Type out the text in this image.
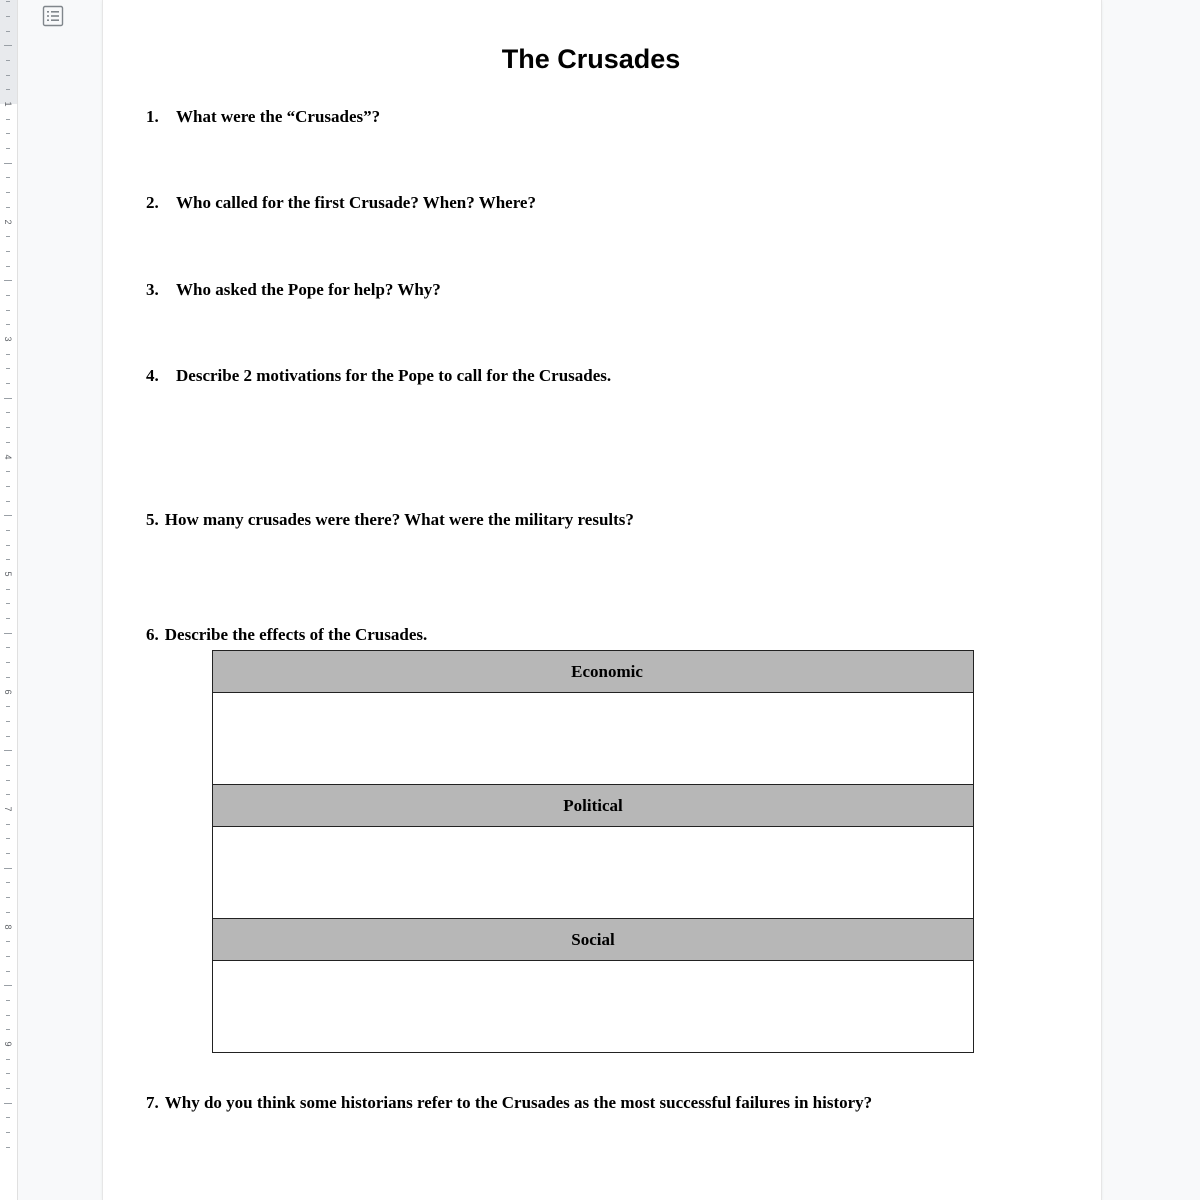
1
2
3
4
5
6
7
8
9
The Crusades
1. What were the “Crusades”?
2. Who called for the first Crusade? When? Where?
3. Who asked the Pope for help? Why?
4. Describe 2 motivations for the Pope to call for the Crusades.
5. How many crusades were there? What were the military results?
6. Describe the effects of the Crusades.
Economic

Political

Social

7. Why do you think some historians refer to the Crusades as the most successful failures in history?
